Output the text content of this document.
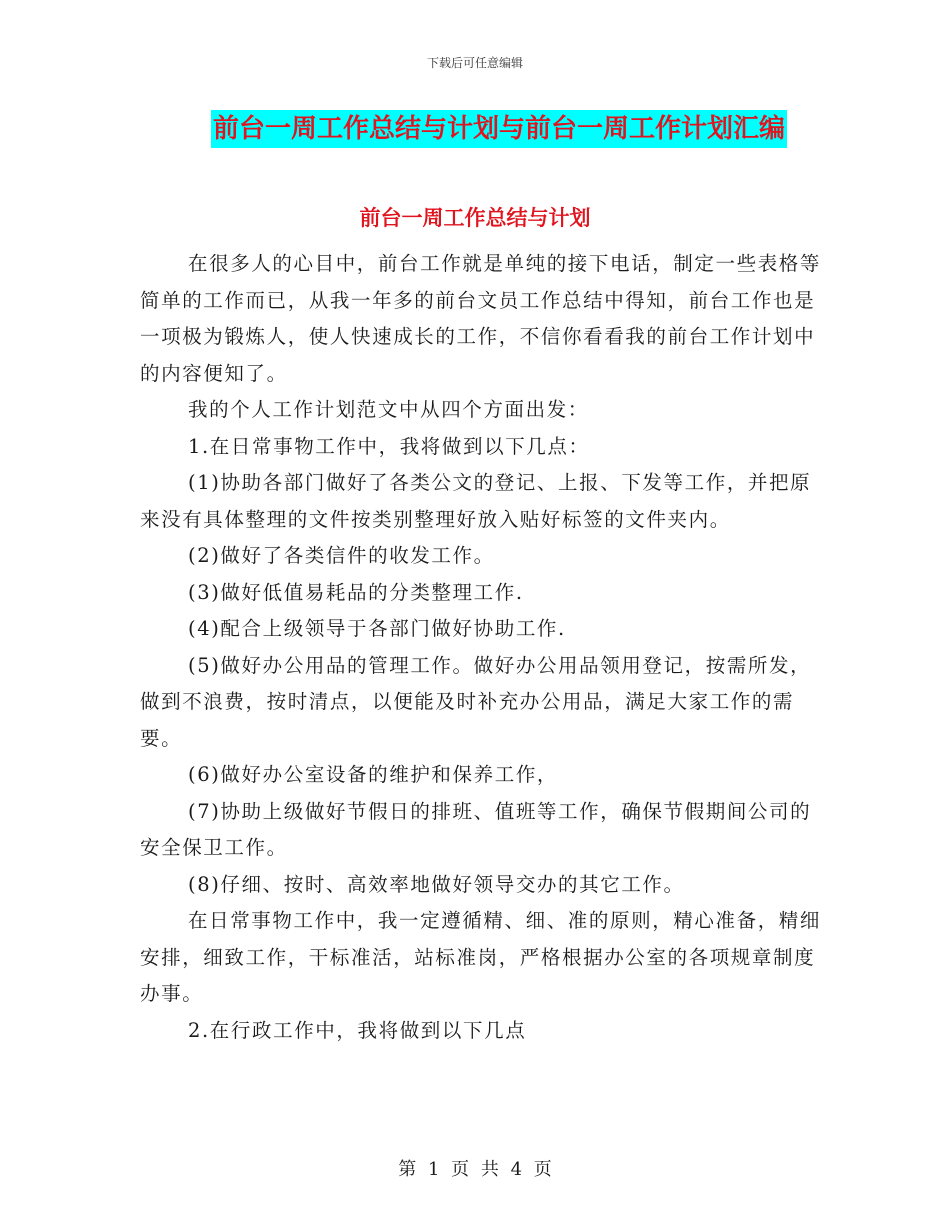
下载后可任意编辑
前台一周工作总结与计划与前台一周工作计划汇编
前台一周工作总结与计划

在很多人的心目中，前台工作就是单纯的接下电话，制定一些表格等简单的工作而已，从我一年多的前台文员工作总结中得知，前台工作也是一项极为锻炼人，使人快速成长的工作，不信你看看我的前台工作计划中的内容便知了。

我的个人工作计划范文中从四个方面出发：

1.在日常事物工作中，我将做到以下几点：

(1)协助各部门做好了各类公文的登记、上报、下发等工作，并把原来没有具体整理的文件按类别整理好放入贴好标签的文件夹内。

(2)做好了各类信件的收发工作。

(3)做好低值易耗品的分类整理工作.

(4)配合上级领导于各部门做好协助工作.

(5)做好办公用品的管理工作。做好办公用品领用登记，按需所发，做到不浪费，按时清点，以便能及时补充办公用品，满足大家工作的需要。

(6)做好办公室设备的维护和保养工作，

(7)协助上级做好节假日的排班、值班等工作，确保节假期间公司的安全保卫工作。

(8)仔细、按时、高效率地做好领导交办的其它工作。

在日常事物工作中，我一定遵循精、细、准的原则，精心准备，精细安排，细致工作，干标准活，站标准岗，严格根据办公室的各项规章制度办事。

2.在行政工作中，我将做到以下几点

第 1 页 共 4 页
